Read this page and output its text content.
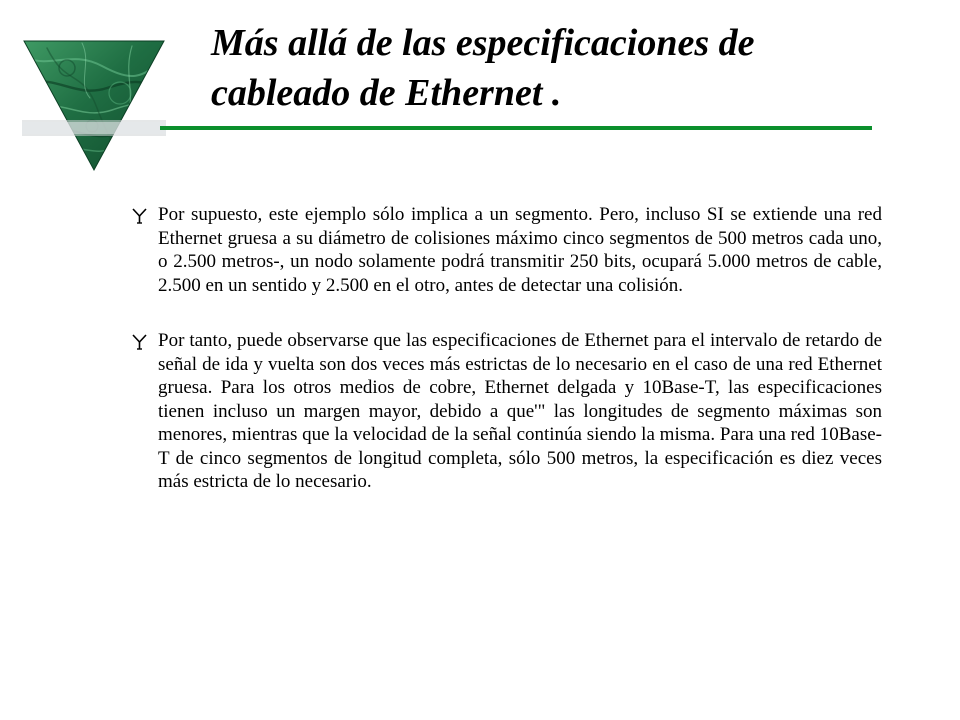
Más allá de las especificaciones de
cableado de Ethernet .
Por supuesto, este ejemplo sólo implica a un segmento. Pero, incluso SI se extiende una red Ethernet gruesa a su diámetro de colisiones máximo cinco segmentos de 500 metros cada uno, o 2.500 metros-, un nodo solamente podrá transmitir 250 bits, ocupará 5.000 metros de cable, 2.500 en un sentido y 2.500 en el otro, antes de detectar una colisión.
Por tanto, puede observarse que las especificaciones de Ethernet para el intervalo de retardo de señal de ida y vuelta son dos veces más estrictas de lo necesario en el caso de una red Ethernet gruesa. Para los otros medios de cobre, Ethernet delgada y 10Base-T, las especificaciones tienen incluso un margen mayor, debido a que'" las longitudes de segmento máximas son menores, mientras que la velocidad de la señal continúa siendo la misma. Para una red 10Base-T de cinco segmentos de longitud completa, sólo 500 metros, la especificación es diez veces más estricta de lo necesario.
